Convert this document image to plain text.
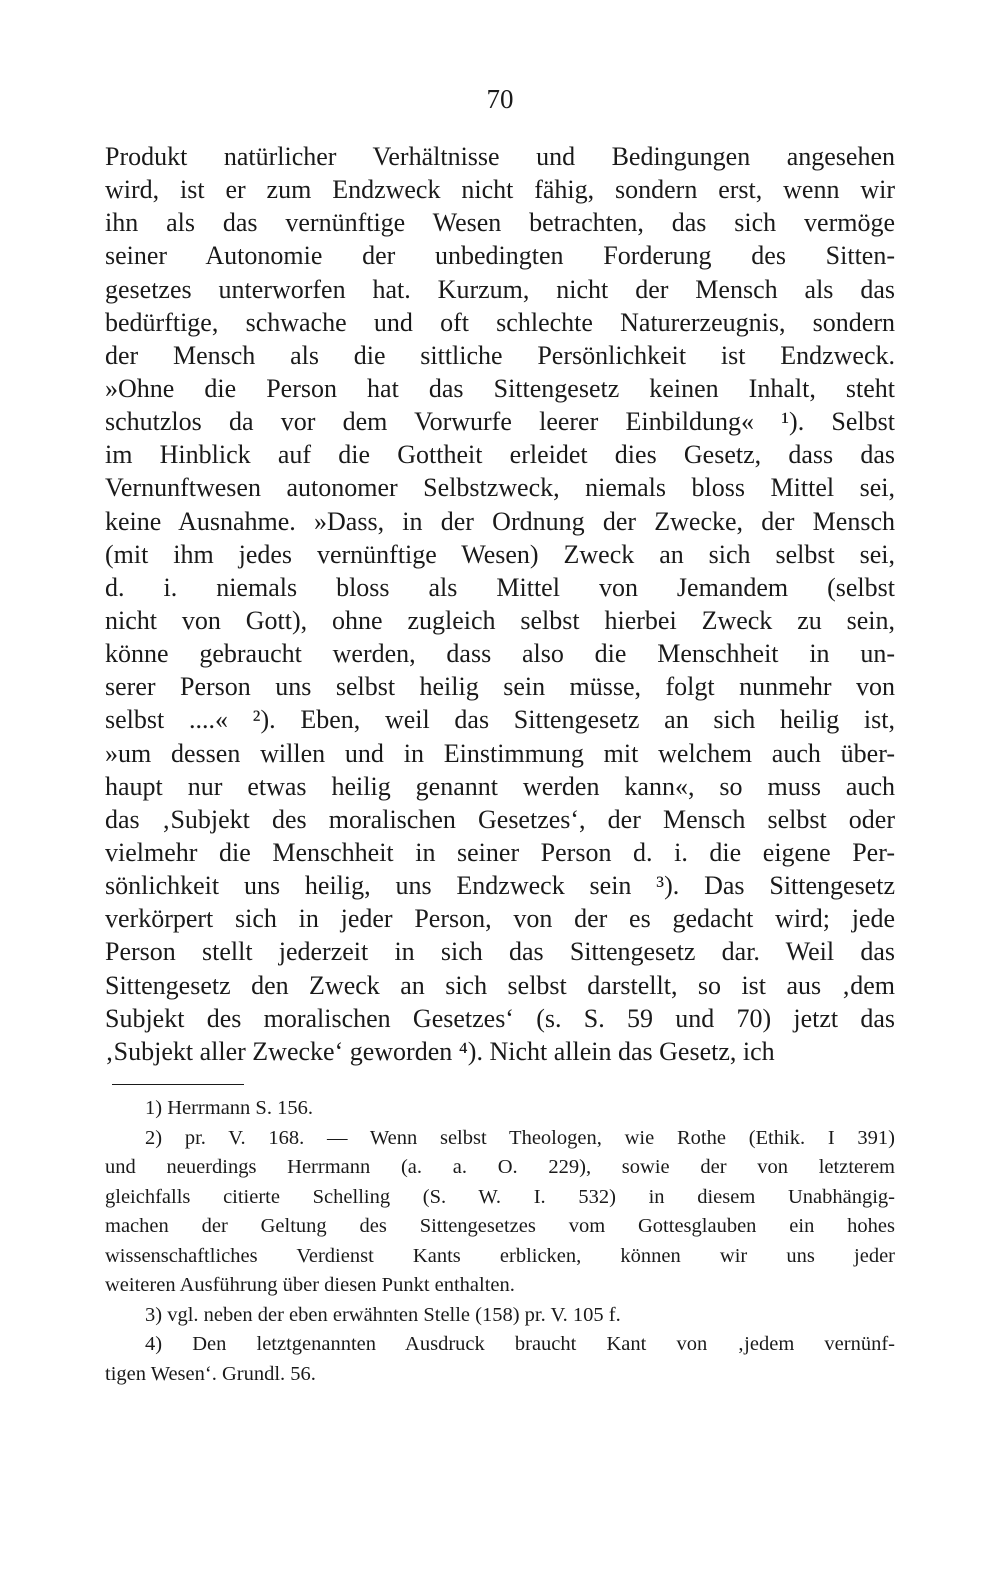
70
Produkt natürlicher Verhältnisse und Bedingungen angesehen
wird, ist er zum Endzweck nicht fähig, sondern erst, wenn wir
ihn als das vernünftige Wesen betrachten, das sich vermöge
seiner Autonomie der unbedingten Forderung des Sitten-
gesetzes unterworfen hat. Kurzum, nicht der Mensch als das
bedürftige, schwache und oft schlechte Naturerzeugnis, sondern
der Mensch als die sittliche Persönlichkeit ist Endzweck.
»Ohne die Person hat das Sittengesetz keinen Inhalt, steht
schutzlos da vor dem Vorwurfe leerer Einbildung« ¹). Selbst
im Hinblick auf die Gottheit erleidet dies Gesetz, dass das
Vernunftwesen autonomer Selbstzweck, niemals bloss Mittel sei,
keine Ausnahme. »Dass, in der Ordnung der Zwecke, der Mensch
(mit ihm jedes vernünftige Wesen) Zweck an sich selbst sei,
d. i. niemals bloss als Mittel von Jemandem (selbst
nicht von Gott), ohne zugleich selbst hierbei Zweck zu sein,
könne gebraucht werden, dass also die Menschheit in un-
serer Person uns selbst heilig sein müsse, folgt nunmehr von
selbst ....« ²). Eben, weil das Sittengesetz an sich heilig ist,
»um dessen willen und in Einstimmung mit welchem auch über-
haupt nur etwas heilig genannt werden kann«, so muss auch
das ‚Subjekt des moralischen Gesetzes‘, der Mensch selbst oder
vielmehr die Menschheit in seiner Person d. i. die eigene Per-
sönlichkeit uns heilig, uns Endzweck sein ³). Das Sittengesetz
verkörpert sich in jeder Person, von der es gedacht wird; jede
Person stellt jederzeit in sich das Sittengesetz dar. Weil das
Sittengesetz den Zweck an sich selbst darstellt, so ist aus ‚dem
Subjekt des moralischen Gesetzes‘ (s. S. 59 und 70) jetzt das
‚Subjekt aller Zwecke‘ geworden ⁴). Nicht allein das Gesetz, ich
1) Herrmann S. 156.
2) pr. V. 168. — Wenn selbst Theologen, wie Rothe (Ethik. I 391)
und neuerdings Herrmann (a. a. O. 229), sowie der von letzterem
gleichfalls citierte Schelling (S. W. I. 532) in diesem Unabhängig-
machen der Geltung des Sittengesetzes vom Gottesglauben ein hohes
wissenschaftliches Verdienst Kants erblicken, können wir uns jeder
weiteren Ausführung über diesen Punkt enthalten.
3) vgl. neben der eben erwähnten Stelle (158) pr. V. 105 f.
4) Den letztgenannten Ausdruck braucht Kant von ‚jedem vernünf-
tigen Wesen‘. Grundl. 56.
